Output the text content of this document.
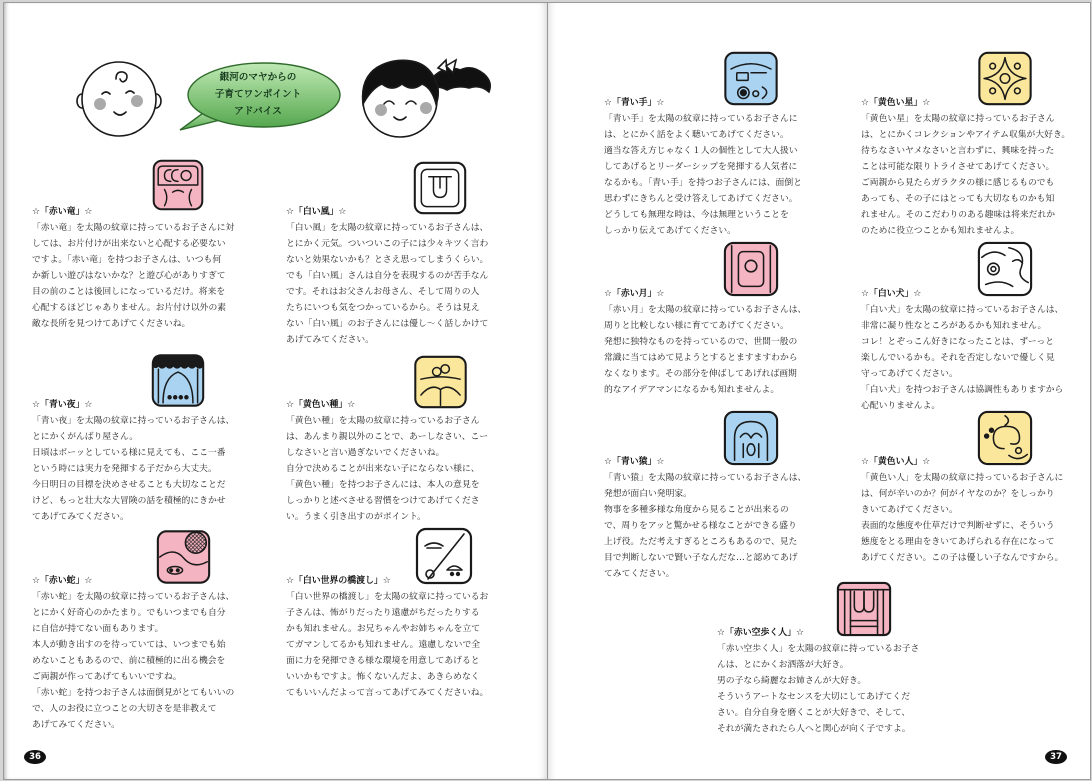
銀河のマヤからの
子育てワンポイント
アドバイス
☆「赤い竜」☆
「赤い竜」を太陽の紋章に持っているお子さんに対
しては、お片付けが出来ないと心配する必要ない
ですよ。「赤い竜」を持つお子さんは、いつも何
か新しい遊びはないかな？と遊び心がありすぎて
目の前のことは後回しになっているだけ。将来を
心配するほどじゃありません。お片付け以外の素
敵な長所を見つけてあげてくださいね。
☆「白い風」☆
「白い風」を太陽の紋章に持っているお子さんは、
とにかく元気。ついついこの子には少々キツく言わ
ないと効果ないかも？とさえ思ってしまうくらい。
でも「白い風」さんは自分を表現するのが苦手なん
です。それはお父さんお母さん、そして周りの人
たちにいつも気をつかっているから。そうは見え
ない「白い風」のお子さんには優し～く話しかけて
あげてみてください。
☆「青い夜」☆
「青い夜」を太陽の紋章に持っているお子さんは、
とにかくがんばり屋さん。
日頃はボーッとしている様に見えても、ここ一番
という時には実力を発揮する子だから大丈夫。
今日明日の目標を決めさせることも大切なことだ
けど、もっと壮大な大冒険の話を積極的にきかせ
てあげてみてください。
☆「黄色い種」☆
「黄色い種」を太陽の紋章に持っているお子さん
は、あんまり親以外のことで、あーしなさい、こー
しなさいと言い過ぎないでくださいね。
自分で決めることが出来ない子にならない様に、
「黄色い種」を持つお子さんには、本人の意見を
しっかりと述べさせる習慣をつけてあげてくださ
い。うまく引き出すのがポイント。
☆「赤い蛇」☆
「赤い蛇」を太陽の紋章に持っているお子さんは、
とにかく好奇心のかたまり。でもいつまでも自分
に自信が持てない面もあります。
本人が動き出すのを待っていては、いつまでも始
めないこともあるので、前に積極的に出る機会を
ご両親が作ってあげてもいいですね。
「赤い蛇」を持つお子さんは面倒見がとてもいいの
で、人のお役に立つことの大切さを是非教えて
あげてみてください。
☆「白い世界の橋渡し」☆
「白い世界の橋渡し」を太陽の紋章に持っているお
子さんは、怖がりだったり遠慮がちだったりする
かも知れません。お兄ちゃんやお姉ちゃんを立て
てガマンしてるかも知れません。遠慮しないで全
面に力を発揮できる様な環境を用意してあげると
いいかもですよ。怖くないんだよ、あきらめなく
てもいいんだよって言ってあげてみてくださいね。
☆「青い手」☆
「青い手」を太陽の紋章に持っているお子さんに
は、とにかく話をよく聴いてあげてください。
適当な答え方じゃなく１人の個性として大人扱い
してあげるとリーダーシップを発揮する人気者に
なるかも。「青い手」を持つお子さんには、面倒と
思わずにきちんと受け答えしてあげてください。
どうしても無理な時は、今は無理ということを
しっかり伝えてあげてください。
☆「黄色い星」☆
「黄色い星」を太陽の紋章に持っているお子さん
は、とにかくコレクションやアイテム収集が大好き。
待ちなさいヤメなさいと言わずに、興味を持った
ことは可能な限りトライさせてあげてください。
ご両親から見たらガラクタの様に感じるものでも
あっても、その子にはとっても大切なものかも知
れません。そのこだわりのある趣味は将来だれか
のために役立つことかも知れませんよ。
☆「赤い月」☆
「赤い月」を太陽の紋章に持っているお子さんは、
周りと比較しない様に育ててあげてください。
発想に独特なものを持っているので、世間一般の
常識に当てはめて見ようとするとますますわから
なくなります。その部分を伸ばしてあげれば画期
的なアイデアマンになるかも知れませんよ。
☆「白い犬」☆
「白い犬」を太陽の紋章に持っているお子さんは、
非常に凝り性なところがあるかも知れません。
コレ！とぞっこん好きになったことは、ずーっと
楽しんでいるかも。それを否定しないで優しく見
守ってあげてください。
「白い犬」を持つお子さんは協調性もありますから
心配いりませんよ。
☆「青い猿」☆
「青い猿」を太陽の紋章に持っているお子さんは、
発想が面白い発明家。
物事を多種多様な角度から見ることが出来るの
で、周りをアッと驚かせる様なことができる盛り
上げ役。ただ考えすぎるところもあるので、見た
目で判断しないで賢い子なんだな…と認めてあげ
てみてください。
☆「黄色い人」☆
「黄色い人」を太陽の紋章に持っているお子さんに
は、何が辛いのか？何がイヤなのか？をしっかり
きいてあげてください。
表面的な態度や仕草だけで判断せずに、そういう
態度をとる理由をきいてあげられる存在になって
あげてください。この子は優しい子なんですから。
☆「赤い空歩く人」☆
「赤い空歩く人」を太陽の紋章に持っているお子さ
んは、とにかくお洒落が大好き。
男の子なら綺麗なお姉さんが大好き。
そういうアートなセンスを大切にしてあげてくだ
さい。自分自身を磨くことが大好きで、そして、
それが満たされたら人へと関心が向く子ですよ。
36	37
